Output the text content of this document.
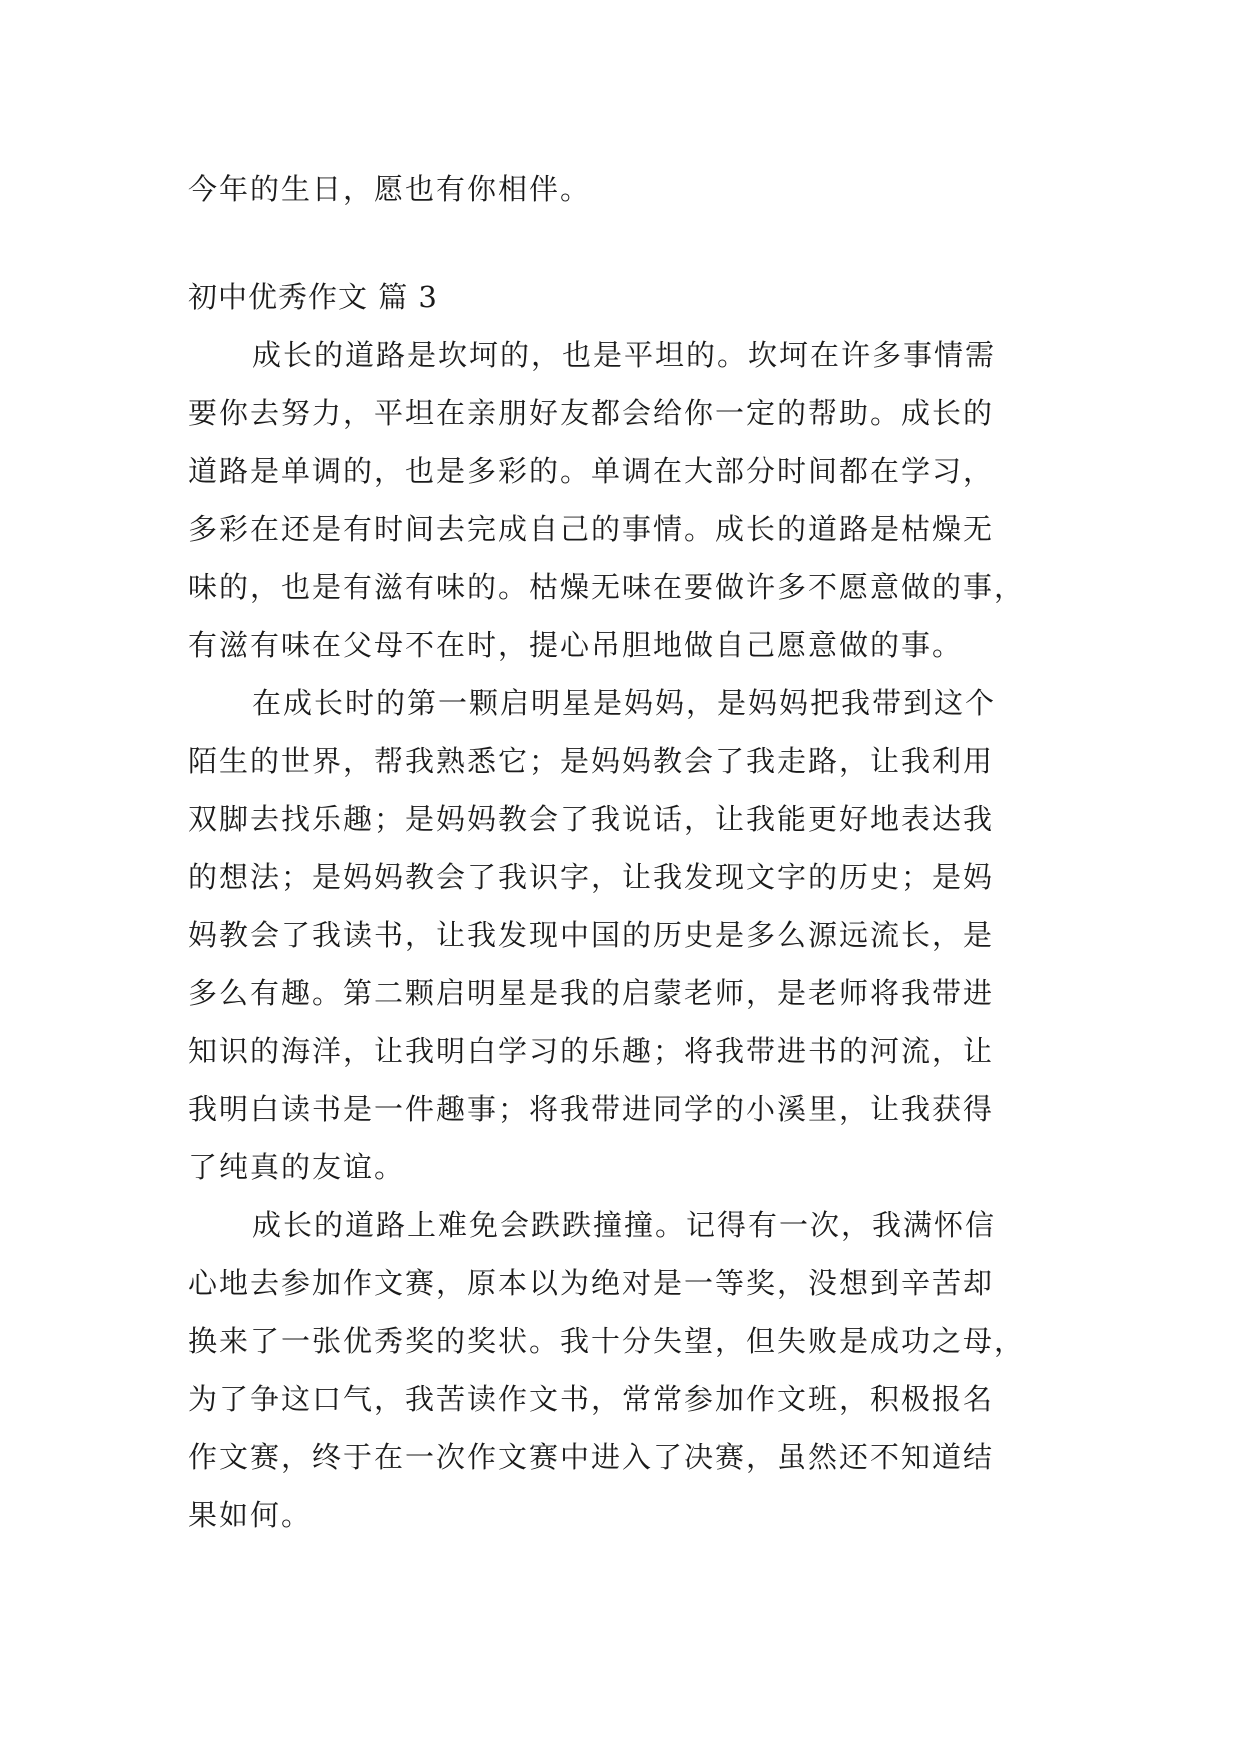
今年的生日，愿也有你相伴。

初中优秀作文 篇 3

成长的道路是坎坷的，也是平坦的。坎坷在许多事情需

要你去努力，平坦在亲朋好友都会给你一定的帮助。成长的

道路是单调的，也是多彩的。单调在大部分时间都在学习，

多彩在还是有时间去完成自己的事情。成长的道路是枯燥无

味的，也是有滋有味的。枯燥无味在要做许多不愿意做的事，

有滋有味在父母不在时，提心吊胆地做自己愿意做的事。

在成长时的第一颗启明星是妈妈，是妈妈把我带到这个

陌生的世界，帮我熟悉它；是妈妈教会了我走路，让我利用

双脚去找乐趣；是妈妈教会了我说话，让我能更好地表达我

的想法；是妈妈教会了我识字，让我发现文字的历史；是妈

妈教会了我读书，让我发现中国的历史是多么源远流长，是

多么有趣。第二颗启明星是我的启蒙老师，是老师将我带进

知识的海洋，让我明白学习的乐趣；将我带进书的河流，让

我明白读书是一件趣事；将我带进同学的小溪里，让我获得

了纯真的友谊。

成长的道路上难免会跌跌撞撞。记得有一次，我满怀信

心地去参加作文赛，原本以为绝对是一等奖，没想到辛苦却

换来了一张优秀奖的奖状。我十分失望，但失败是成功之母，

为了争这口气，我苦读作文书，常常参加作文班，积极报名

作文赛，终于在一次作文赛中进入了决赛，虽然还不知道结

果如何。
